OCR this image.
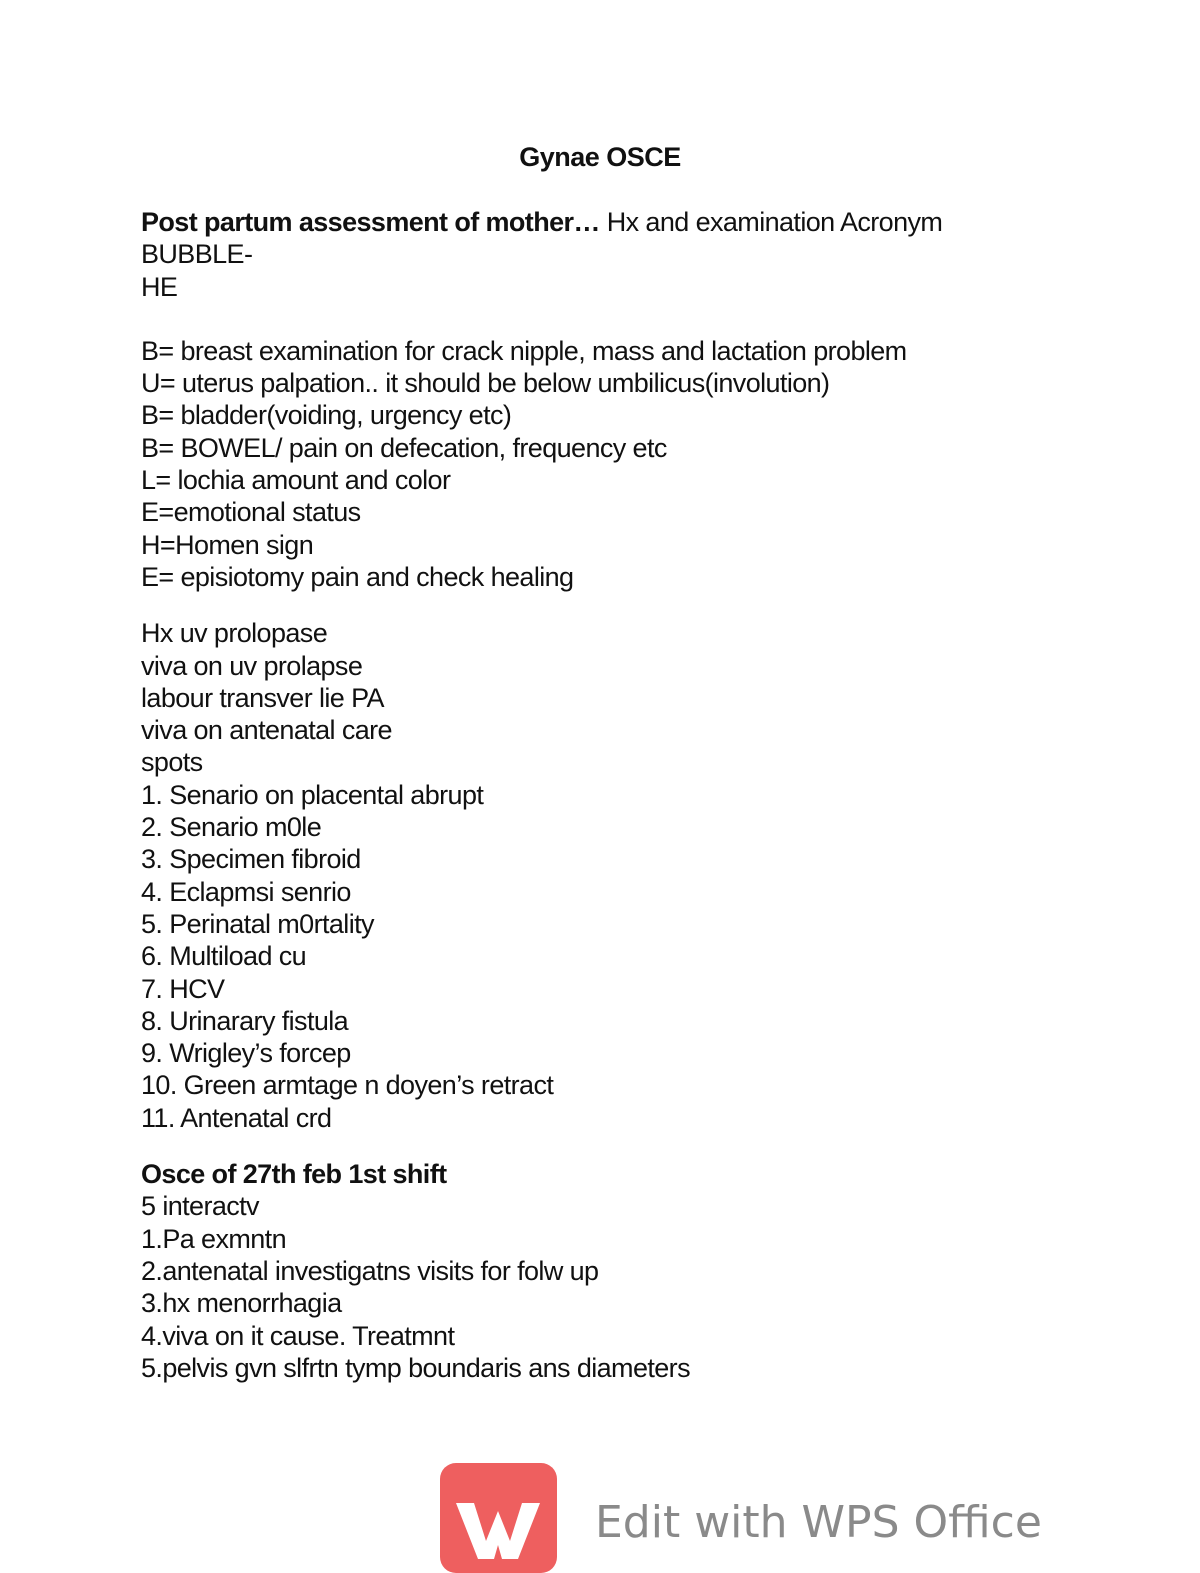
Gynae OSCE
Post partum assessment of mother… Hx and examination Acronym
BUBBLE-
HE
B= breast examination for crack nipple, mass and lactation problem
U= uterus palpation.. it should be below umbilicus(involution)
B= bladder(voiding, urgency etc)
B= BOWEL/ pain on defecation, frequency etc
L= lochia amount and color
E=emotional status
H=Homen sign
E= episiotomy pain and check healing
Hx uv prolopase
viva on uv prolapse
labour transver lie PA
viva on antenatal care
spots
1. Senario on placental abrupt
2. Senario m0le
3. Specimen fibroid
4. Eclapmsi senrio
5. Perinatal m0rtality
6. Multiload cu
7. HCV
8. Urinarary fistula
9. Wrigley’s forcep
10. Green armtage n doyen’s retract
11. Antenatal crd
Osce of 27th feb 1st shift
5 interactv
1.Pa exmntn
2.antenatal investigatns visits for folw up
3.hx menorrhagia
4.viva on it cause. Treatmnt
5.pelvis gvn slfrtn tymp boundaris ans diameters
Edit with WPS Office
